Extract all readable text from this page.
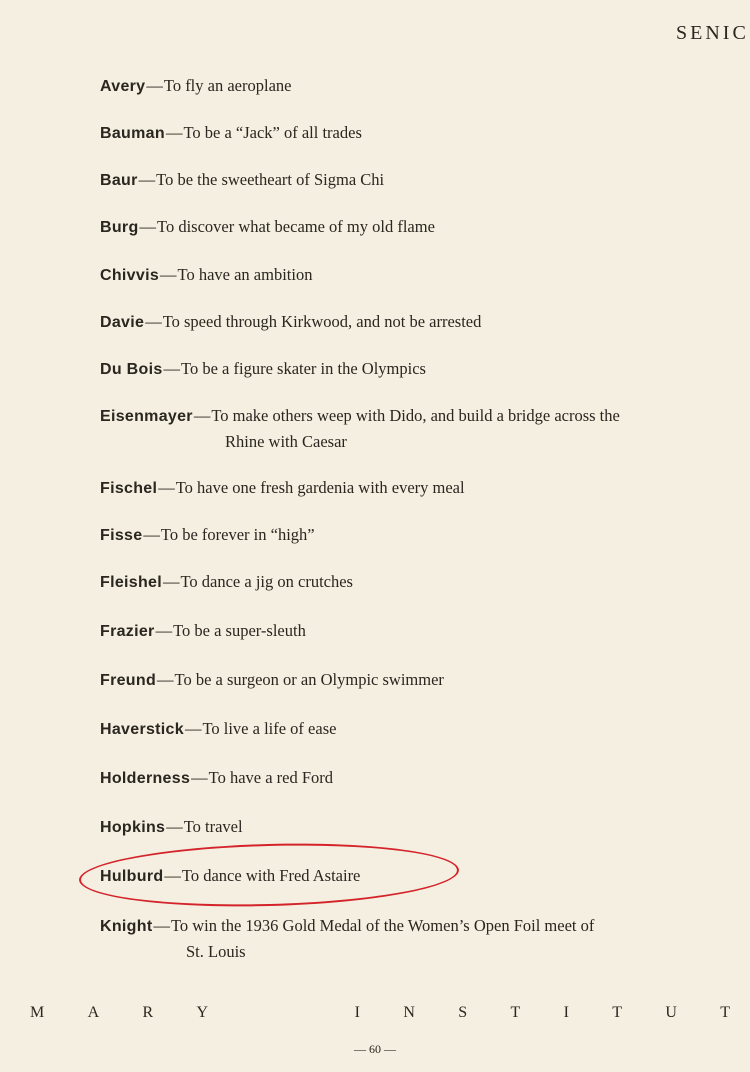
SENIC
Avery—To fly an aeroplane
Bauman—To be a “Jack” of all trades
Baur—To be the sweetheart of Sigma Chi
Burg—To discover what became of my old flame
Chivvis—To have an ambition
Davie—To speed through Kirkwood, and not be arrested
Du Bois—To be a figure skater in the Olympics
Eisenmayer—To make others weep with Dido, and build a bridge across the
Rhine with Caesar
Fischel—To have one fresh gardenia with every meal
Fisse—To be forever in “high”
Fleishel—To dance a jig on crutches
Frazier—To be a super-sleuth
Freund—To be a surgeon or an Olympic swimmer
Haverstick—To live a life of ease
Holderness—To have a red Ford
Hopkins—To travel
Hulburd—To dance with Fred Astaire
Knight—To win the 1936 Gold Medal of the Women’s Open Foil meet of
St. Louis
M	A	R	Y	I	N	S	T	I	T	U	T
— 60 —
